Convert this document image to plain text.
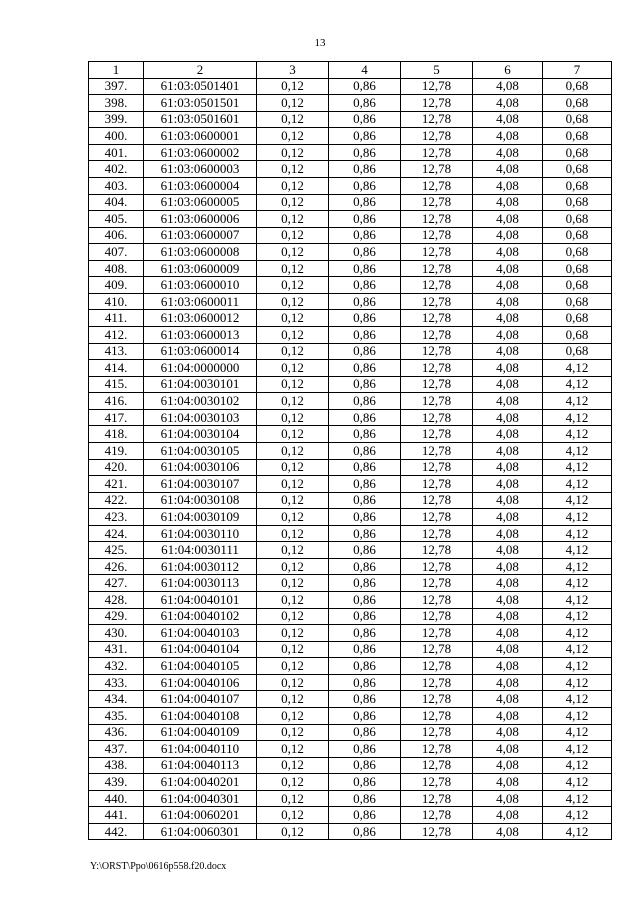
13
1	2	3	4	5	6	7
397.	61:03:0501401	0,12	0,86	12,78	4,08	0,68
398.	61:03:0501501	0,12	0,86	12,78	4,08	0,68
399.	61:03:0501601	0,12	0,86	12,78	4,08	0,68
400.	61:03:0600001	0,12	0,86	12,78	4,08	0,68
401.	61:03:0600002	0,12	0,86	12,78	4,08	0,68
402.	61:03:0600003	0,12	0,86	12,78	4,08	0,68
403.	61:03:0600004	0,12	0,86	12,78	4,08	0,68
404.	61:03:0600005	0,12	0,86	12,78	4,08	0,68
405.	61:03:0600006	0,12	0,86	12,78	4,08	0,68
406.	61:03:0600007	0,12	0,86	12,78	4,08	0,68
407.	61:03:0600008	0,12	0,86	12,78	4,08	0,68
408.	61:03:0600009	0,12	0,86	12,78	4,08	0,68
409.	61:03:0600010	0,12	0,86	12,78	4,08	0,68
410.	61:03:0600011	0,12	0,86	12,78	4,08	0,68
411.	61:03:0600012	0,12	0,86	12,78	4,08	0,68
412.	61:03:0600013	0,12	0,86	12,78	4,08	0,68
413.	61:03:0600014	0,12	0,86	12,78	4,08	0,68
414.	61:04:0000000	0,12	0,86	12,78	4,08	4,12
415.	61:04:0030101	0,12	0,86	12,78	4,08	4,12
416.	61:04:0030102	0,12	0,86	12,78	4,08	4,12
417.	61:04:0030103	0,12	0,86	12,78	4,08	4,12
418.	61:04:0030104	0,12	0,86	12,78	4,08	4,12
419.	61:04:0030105	0,12	0,86	12,78	4,08	4,12
420.	61:04:0030106	0,12	0,86	12,78	4,08	4,12
421.	61:04:0030107	0,12	0,86	12,78	4,08	4,12
422.	61:04:0030108	0,12	0,86	12,78	4,08	4,12
423.	61:04:0030109	0,12	0,86	12,78	4,08	4,12
424.	61:04:0030110	0,12	0,86	12,78	4,08	4,12
425.	61:04:0030111	0,12	0,86	12,78	4,08	4,12
426.	61:04:0030112	0,12	0,86	12,78	4,08	4,12
427.	61:04:0030113	0,12	0,86	12,78	4,08	4,12
428.	61:04:0040101	0,12	0,86	12,78	4,08	4,12
429.	61:04:0040102	0,12	0,86	12,78	4,08	4,12
430.	61:04:0040103	0,12	0,86	12,78	4,08	4,12
431.	61:04:0040104	0,12	0,86	12,78	4,08	4,12
432.	61:04:0040105	0,12	0,86	12,78	4,08	4,12
433.	61:04:0040106	0,12	0,86	12,78	4,08	4,12
434.	61:04:0040107	0,12	0,86	12,78	4,08	4,12
435.	61:04:0040108	0,12	0,86	12,78	4,08	4,12
436.	61:04:0040109	0,12	0,86	12,78	4,08	4,12
437.	61:04:0040110	0,12	0,86	12,78	4,08	4,12
438.	61:04:0040113	0,12	0,86	12,78	4,08	4,12
439.	61:04:0040201	0,12	0,86	12,78	4,08	4,12
440.	61:04:0040301	0,12	0,86	12,78	4,08	4,12
441.	61:04:0060201	0,12	0,86	12,78	4,08	4,12
442.	61:04:0060301	0,12	0,86	12,78	4,08	4,12
Y:\ORST\Ppo\0616p558.f20.docx
